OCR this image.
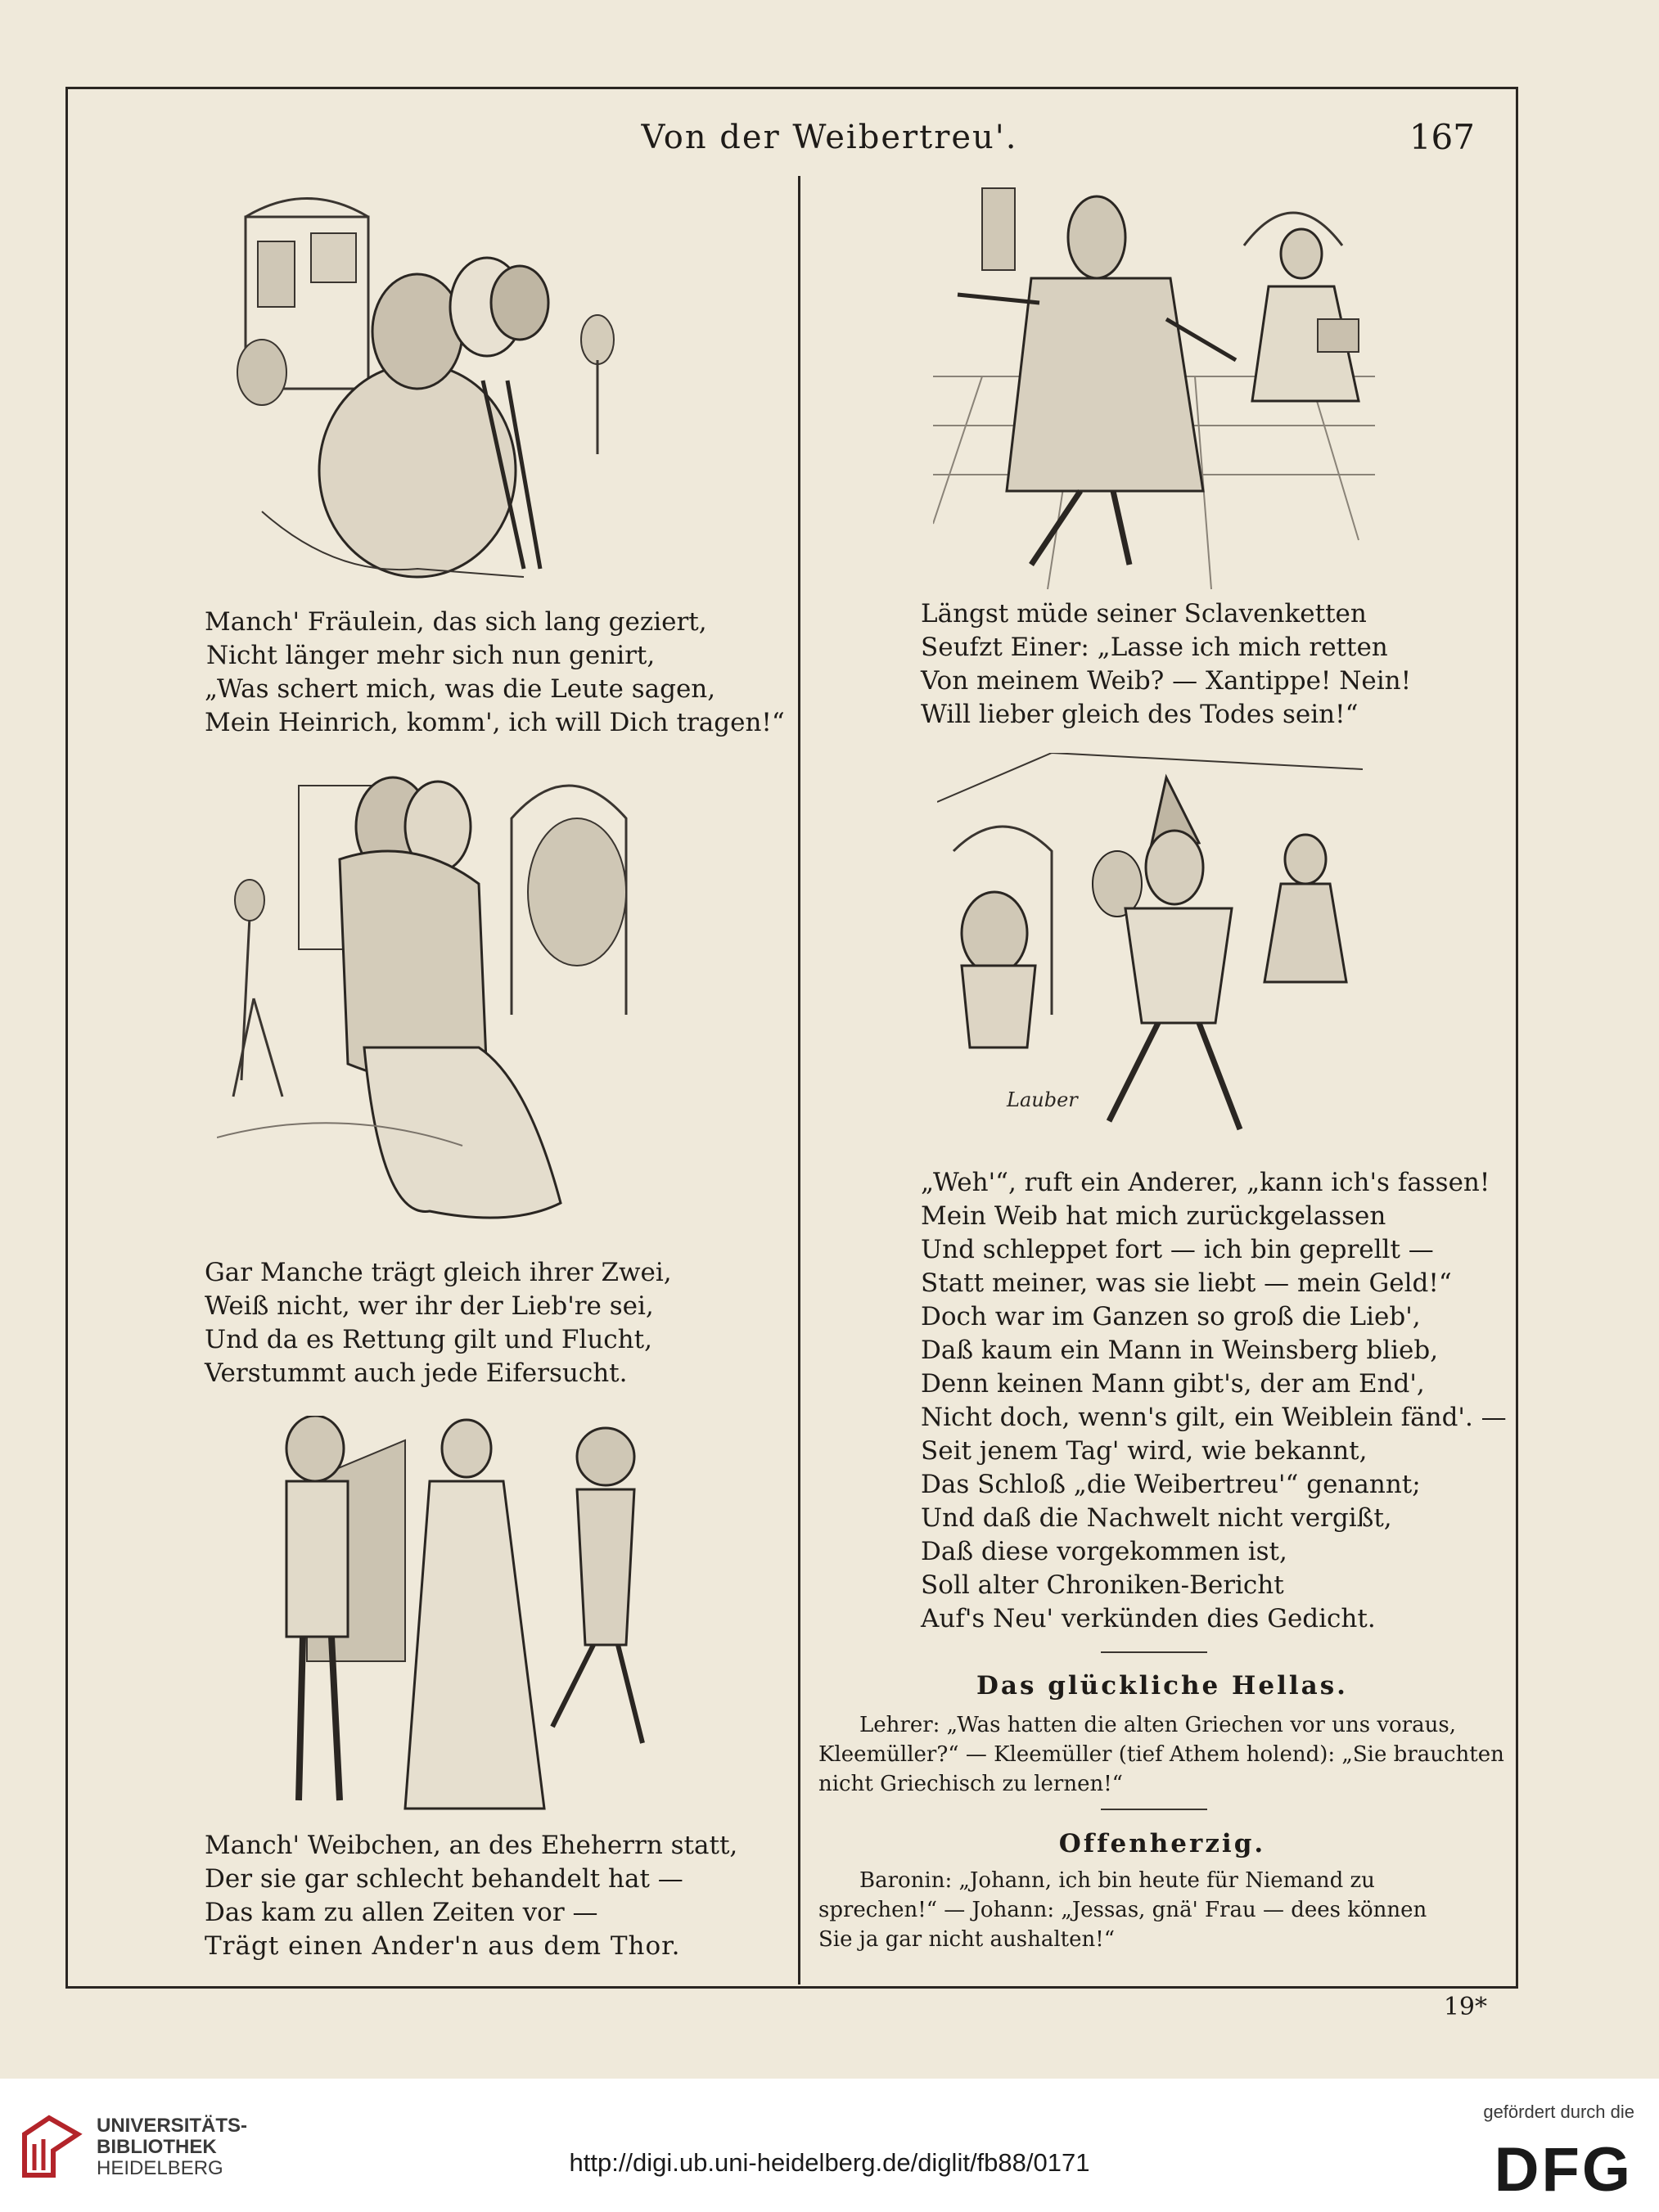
Von der Weibertreu'.	167

Manch' Fräulein, das sich lang geziert,

Nicht länger mehr sich nun genirt,

„Was schert mich, was die Leute sagen,

Mein Heinrich, komm', ich will Dich tragen!“

Gar Manche trägt gleich ihrer Zwei,

Weiß nicht, wer ihr der Lieb're sei,

Und da es Rettung gilt und Flucht,

Verstummt auch jede Eifersucht.

Manch' Weibchen, an des Eheherrn statt,

Der sie gar schlecht behandelt hat —

Das kam zu allen Zeiten vor —

Trägt einen Ander'n aus dem Thor.

Längst müde seiner Sclavenketten

Seufzt Einer: „Lasse ich mich retten

Von meinem Weib? — Xantippe! Nein!

Will lieber gleich des Todes sein!“

Lauber

„Weh'“, ruft ein Anderer, „kann ich's fassen!

Mein Weib hat mich zurückgelassen

Und schleppet fort — ich bin geprellt —

Statt meiner, was sie liebt — mein Geld!“

Doch war im Ganzen so groß die Lieb',

Daß kaum ein Mann in Weinsberg blieb,

Denn keinen Mann gibt's, der am End',

Nicht doch, wenn's gilt, ein Weiblein fänd'. —

Seit jenem Tag' wird, wie bekannt,

Das Schloß „die Weibertreu'“ genannt;

Und daß die Nachwelt nicht vergißt,

Daß diese vorgekommen ist,

Soll alter Chroniken-Bericht

Auf's Neu' verkünden dies Gedicht.

Das glückliche Hellas.
Lehrer: „Was hatten die alten Griechen vor uns voraus,
Kleemüller?“ — Kleemüller (tief Athem holend): „Sie brauchten
nicht Griechisch zu lernen!“
Offenherzig.
Baronin: „Johann, ich bin heute für Niemand zu
sprechen!“ — Johann: „Jessas, gnä' Frau — dees können
Sie ja gar nicht aushalten!“
19*
UNIVERSITÄTS-
BIBLIOTHEK
HEIDELBERG	http://digi.ub.uni-heidelberg.de/diglit/fb88/0171
gefördert durch die
DFG
